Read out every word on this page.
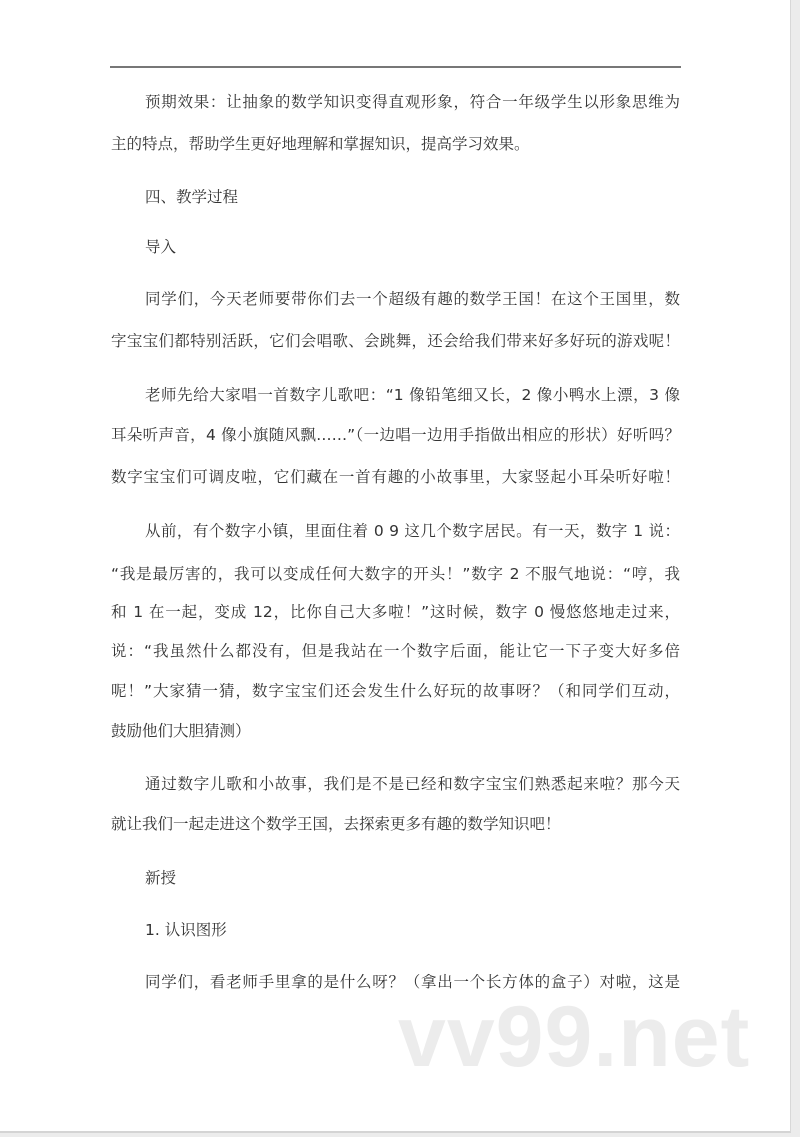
预期效果：让抽象的数学知识变得直观形象，符合一年级学生以形象思维为
主的特点，帮助学生更好地理解和掌握知识，提高学习效果。
四、教学过程
导入
同学们，今天老师要带你们去一个超级有趣的数学王国！在这个王国里，数
字宝宝们都特别活跃，它们会唱歌、会跳舞，还会给我们带来好多好玩的游戏呢！
老师先给大家唱一首数字儿歌吧：“1 像铅笔细又长，2 像小鸭水上漂，3 像
耳朵听声音，4 像小旗随风飘……”（一边唱一边用手指做出相应的形状）好听吗？
数字宝宝们可调皮啦，它们藏在一首有趣的小故事里，大家竖起小耳朵听好啦！
从前，有个数字小镇，里面住着 0 9 这几个数字居民。有一天，数字 1 说：
“我是最厉害的，我可以变成任何大数字的开头！”数字 2 不服气地说：“哼，我
和 1 在一起，变成 12，比你自己大多啦！”这时候，数字 0 慢悠悠地走过来，
说：“我虽然什么都没有，但是我站在一个数字后面，能让它一下子变大好多倍
呢！”大家猜一猜，数字宝宝们还会发生什么好玩的故事呀？（和同学们互动，
鼓励他们大胆猜测）
通过数字儿歌和小故事，我们是不是已经和数字宝宝们熟悉起来啦？那今天
就让我们一起走进这个数学王国，去探索更多有趣的数学知识吧！
新授
1. 认识图形
同学们，看老师手里拿的是什么呀？（拿出一个长方体的盒子）对啦，这是
vv99.net
